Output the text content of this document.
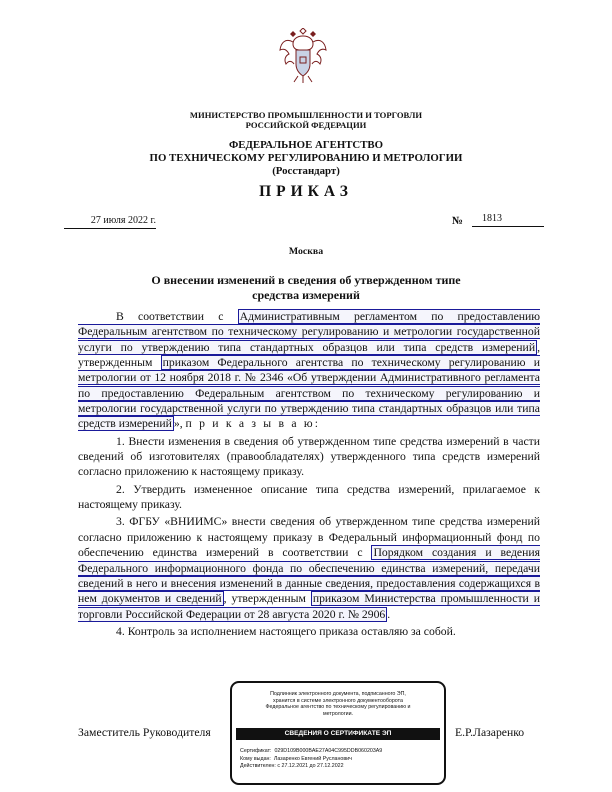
МИНИСТЕРСТВО ПРОМЫШЛЕННОСТИ И ТОРГОВЛИ
РОССИЙСКОЙ ФЕДЕРАЦИИ
ФЕДЕРАЛЬНОЕ АГЕНТСТВО
ПО ТЕХНИЧЕСКОМУ РЕГУЛИРОВАНИЮ И МЕТРОЛОГИИ
(Росстандарт)
ПРИКАЗ
27 июля 2022 г.	№	1813
Москва
О внесении изменений в сведения об утвержденном типе
средства измерений

В соответствии с Административным регламентом по предоставлению Федеральным агентством по техническому регулированию и метрологии государственной услуги по утверждению типа стандартных образцов или типа средств измерений , утвержденным приказом Федерального агентства по техническому регулированию и метрологии от 12 ноября 2018 г. № 2346 «Об утверждении Административного регламента по предоставлению Федеральным агентством по техническому регулированию и метрологии государственной услуги по утверждению типа стандартных образцов или типа средств измерений », п р и к а з ы в а ю:

1. Внести изменения в сведения об утвержденном типе средства измерений в части сведений об изготовителях (правообладателях) утвержденного типа средств измерений согласно приложению к настоящему приказу.

2. Утвердить измененное описание типа средства измерений, прилагаемое к настоящему приказу.

3. ФГБУ «ВНИИМС» внести сведения об утвержденном типе средства измерений согласно приложению к настоящему приказу в Федеральный информационный фонд по обеспечению единства измерений в соответствии с Порядком создания и ведения Федерального информационного фонда по обеспечению единства измерений, передачи сведений в него и внесения изменений в данные сведения, предоставления содержащихся в нем документов и сведений , утвержденным приказом Министерства промышленности и торговли Российской Федерации от 28 августа 2020 г. № 2906 .

4. Контроль за исполнением настоящего приказа оставляю за собой.

Заместитель Руководителя	Е.Р.Лазаренко
Подлинник электронного документа, подписанного ЭП,
хранится в системе электронного документооборота
Федеральное агентство по техническому регулированию и
метрологии.
СВЕДЕНИЯ О СЕРТИФИКАТЕ ЭП
Сертификат: 029D109B000BAE27A04C995DDB060203A9
Кому выдан: Лазаренко Евгений Русланович
Действителен: с 27.12.2021 до 27.12.2022
